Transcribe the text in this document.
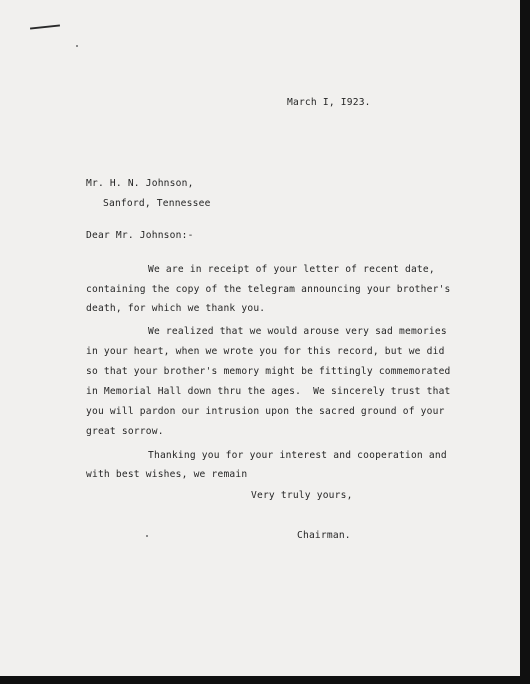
March I, I923.
Mr. H. N. Johnson,
Sanford, Tennessee
Dear Mr. Johnson:-
We are in receipt of your letter of recent date,
containing the copy of the telegram announcing your brother's
death, for which we thank you.
We realized that we would arouse very sad memories
in your heart, when we wrote you for this record, but we did
so that your brother's memory might be fittingly commemorated
in Memorial Hall down thru the ages.  We sincerely trust that
you will pardon our intrusion upon the sacred ground of your
great sorrow.
Thanking you for your interest and cooperation and
with best wishes, we remain
Very truly yours,
Chairman.
